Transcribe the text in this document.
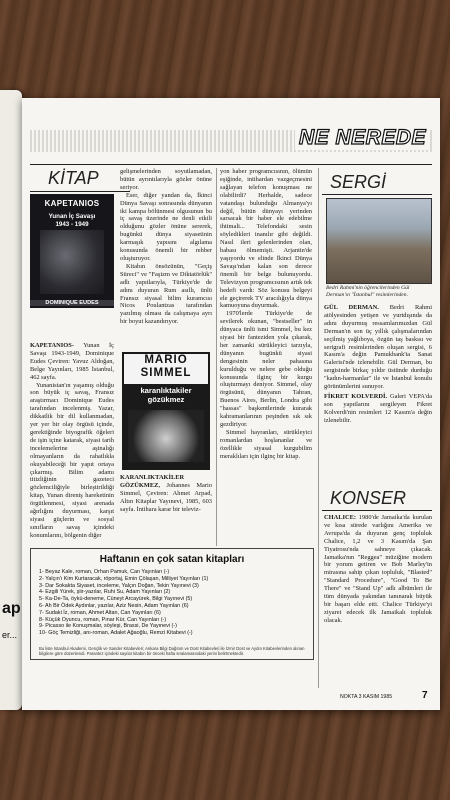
ap
er...
NE NEREDE
KİTAP
KAPETANIOS
Yunan İç Savaşı
1943 - 1949
DOMINIQUE EUDES

KAPETANIOS- Yunan İç Savaşı 1943-1949, Dominique Eudes Çeviren: Yavuz Aldoğan, Belge Yayınları, 1985 İstanbul, 462 sayfa.

Yunanistan'ın yaşamış olduğu son büyük iç savaş, Fransız araştırmacı Dominique Eudes tarafından incelenmiş. Yazar, dikkatlik bir dil kullanmadan, yer yer bir olay örgüsü içinde, gerektiğinde biyografik öğeleri de işin içine katarak, siyasi tarih incelemelerine aşinalığı olmayanların da rahatlıkla okuyabileceği bir yapıt ortaya çıkarmış. Bilim adamı titizliğinin gazeteci gözlemciliğiyle birleştirildiği kitap, Yunan direniş hareketinin örgütlenmesi, siyasi arenada ağırlığını duyurması, karşıt siyasi güçlerin ve sosyal sınıfların savaş içindeki konumlarını, bölgenin diğer

gelişmelerinden soyutlamadan, bütün ayrıntılarıyla gözler önüne seriyor.

Eser, diğer yandan da, İkinci Dünya Savaşı sonrasında dünyanın iki kampa bölünmesi olgusunun bu iç savaş üzerinde ne denli etkili olduğunu gözler önüne sererek, bugünkü dünya siyasetinin karmaşık yapısını algılama konusunda önemli bir rehber oluşturuyor.

Kitabın önsözünün, "Geçiş Süreci" ve "Faşizm ve Diktatörlük" adlı yapıtlarıyla, Türkiye'de de adını duyuran Rum asıllı, ünlü Fransız siyasal bilim kuramcısı Nicos Poulantzas tarafından yazılmış olması da calışmaya ayrı bir boyut kazandırıyor.

MARIO SIMMEL
karanlıktakiler gözükmez

KARANLIKTAKİLER GÖZÜKMEZ, Johannes Mario Simmel, Çeviren: Ahmet Arpad, Altın Kitaplar Yayınevi, 1985, 603 sayfa. İntihara karar bir televiz-

yon haber programcısının, ölümün eşiğinde, intihardan vazgeçmesini sağlayan telefon konuşması ne olabilirdi? Herhalde, sadece vatandaşı bulunduğu Almanya'yı değil, bütün dünyayı yerinden sarsacak bir haber ele edebilme ihtimali... Telefondaki sesin söyledikleri inanılır gibi değildi. Nasıl ileri gelenlerinden olan, babası ölmemişti. Arjantin'de yaşıyordu ve elinde İkinci Dünya Savaşı'ndan kalan son derece önemli bir belge bulunuyordu. Televizyon programcısının artık tek hedefi vardı: Söz konusu belgeyi ele geçirerek TV aracılığıyla dünya kamuoyuna duyurmak.

1970'lerde Türkiye'de de sevilerek okunan, "bestseller" in dünyaca ünlü ismi Simmel, bu kez siyasi bir fanteziden yola çıkarak, her zamanki sürükleyici tarzıyla, dünyanın bugünkü siyasi dengesinin neler pahasına kurulduğu ve nelere gebe olduğu konusunda ilginç bir kurgu oluşturmayı deniyor. Simmel, olay örgüsünü, dünyanın Tahran, Buenos Aires, Berlin, Londra gibi "hassas" başkentlerinde kurarak kahramanlarının peşinden sık sık gezdiriyor.

Simmel hayranları, sürükleyici romanlardan hoşlananlar ve özellikle siyasal kurgubilim meraklıları için ilginç bir kitap.

SERGİ
Bedri Rahmi'nin öğrencilerinden Gül Derman'ın "İstanbul" resimlerinden.

GÜL DERMAN. Bedri Rahmi atölyesinden yetişen ve yurtdışında da adını duyurmuş ressamlarımızdan Gül Derman'ın son üç yıllık çalışmalarından seçilmiş yağlıboya, özgün taş baskısı ve serigrafi resimlerinden oluşan sergisi, 6 Kasım'a değin Pamukbank'ta Sanat Galerisi'nde izlenebilir. Gül Derman, bu sergisinde birkaç yıldır üstünde durduğu "kadın-harmanlar" ile ve İstanbul konulu görünümlerini sunuyor.

FİKRET KOLVERDİ. Galeri VEPA'da son yapıtlarını sergileyen Fikret Kolverdi'nin resimleri 12 Kasım'a değin izlenebilir.

KONSER

CHALICE: 1980'de Jamaika'da kurulan ve kısa sürede varlığını Amerika ve Avrupa'da da duyuran genç topluluk Chalice, 1,2 ve 3 Kasım'da Şan Tiyatrosu'nda sahneye çıkacak. Jamaika'nın "Reggea" müziğine modern bir yorum getiren ve Bob Marley'in mirasına sahip çıkan topluluk, "Blasted" "Standard Procedure", "Good To Be There" ve "Stand Up" adlı albümleri ile tüm dünyada yakından tanınarak büyük bir başarı elde etti. Chalice Türkiye'yi ziyaret edecek ilk Jamaikalı topluluk olacak.

Haftanın en çok satan kitapları
1- Beyaz Kale, roman, Orhan Pamuk, Can Yayınları (-)
2- Yalçın'ı Kim Kurtaracak, röportaj, Emin Çölaşan, Milliyet Yayınları (1)
3- Dar Sokakta Siyaset, inceleme, Yalçın Doğan, Tekin Yayınevi (3)
4- Ezgili Yürek, şiir-yazılar, Ruhi Su, Adam Yayınları (2)
5- Ka-De-Ta, öykü-deneme, Cüneyt Arcayürek, Bilgi Yayınevi (5)
6- Ah Bir Ödek Aydınlar, yazılar, Aziz Nesin, Adam Yayınları (6)
7- Sudaki İz, roman, Ahmet Altan, Can Yayınları (6)
8- Küçük Oyuncu, roman, Pınar Kür, Can Yayınları (-)
9- Picasso ile Konuşmalar, söyleşi, Brassi, De Yayınevi (-)
10- Göç Temizliği, anı-roman, Adalet Ağaoğlu, Remzi Kitabevi (-)
Bu liste İstanbul Akademi, Gençlik ve Sander Kitabevleri; Ankara Bilgi Dağıtım ve Dost Kitabevleri ile İzmir Dost ve Aydın Kitabevlerinden alınan bilgilere göre düzenlendi. Parantez içindeki sayılar kitabın bir önceki hafta sıralamasındaki yerini belirtmektedir.
NOKTA 3 KASIM 1985	7
